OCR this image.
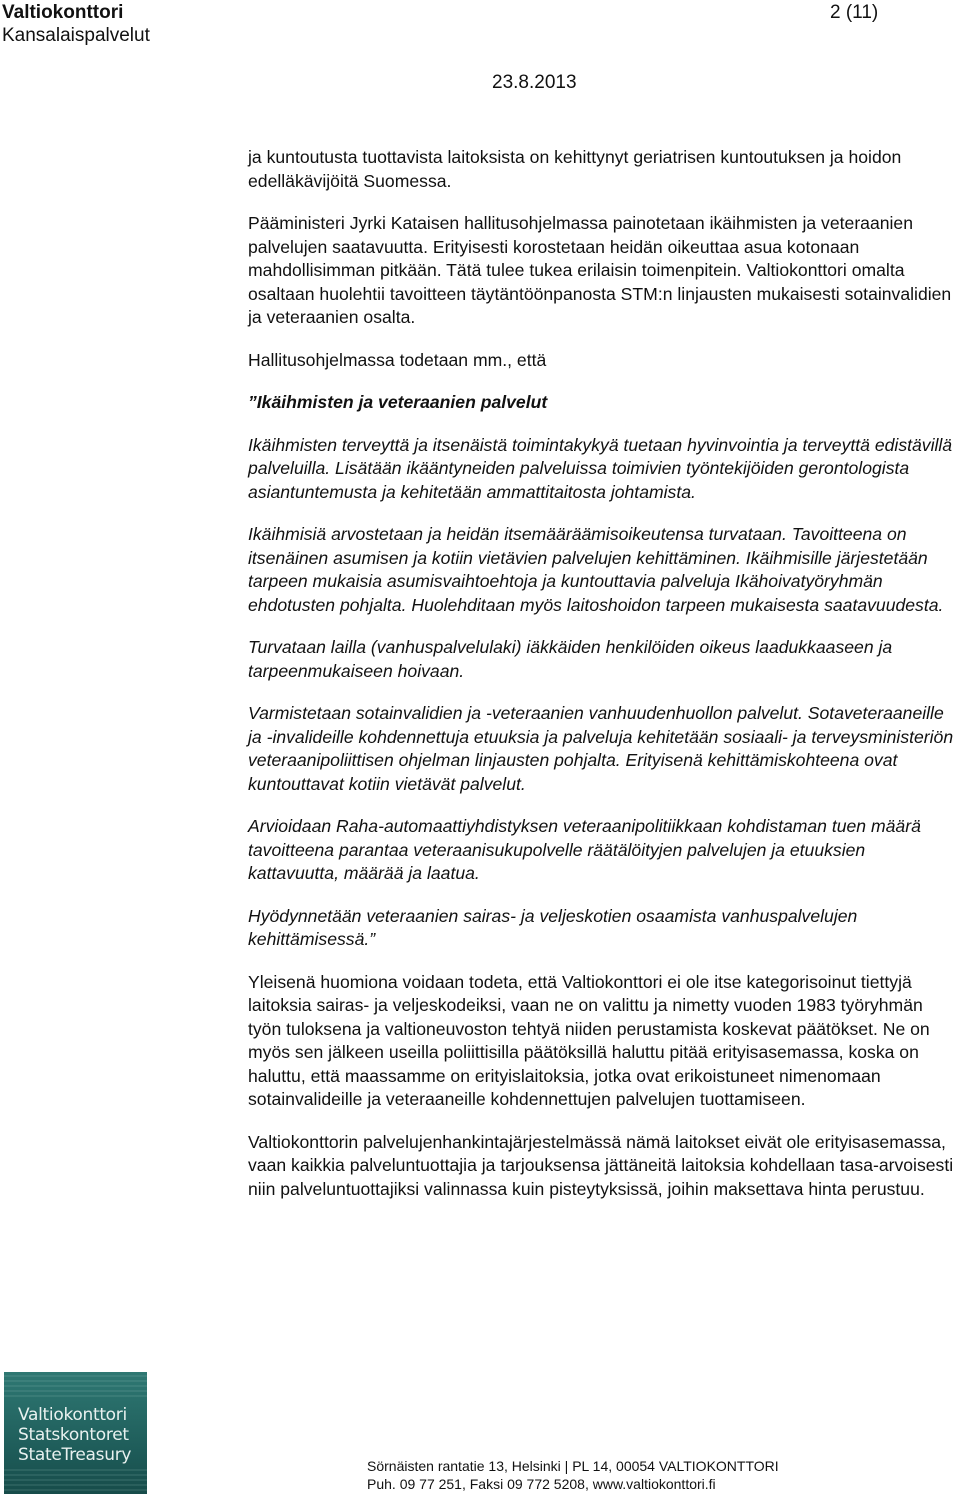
Valtiokonttori
Kansalaispalvelut
2 (11)
23.8.2013

ja kuntoutusta tuottavista laitoksista on kehittynyt geriatrisen kuntoutuksen ja hoidon edelläkävijöitä Suomessa.

Pääministeri Jyrki Kataisen hallitusohjelmassa painotetaan ikäihmisten ja veteraanien palvelujen saatavuutta. Erityisesti korostetaan heidän oikeuttaa asua kotonaan mahdollisimman pitkään. Tätä tulee tukea erilaisin toimenpitein. Valtiokonttori omalta osaltaan huolehtii tavoitteen täytäntöönpanosta STM:n linjausten mukaisesti sotainvalidien ja veteraanien osalta.

Hallitusohjelmassa todetaan mm., että

”Ikäihmisten ja veteraanien palvelut

Ikäihmisten terveyttä ja itsenäistä toimintakykyä tuetaan hyvinvointia ja terveyttä edistävillä palveluilla. Lisätään ikääntyneiden palveluissa toimivien työntekijöiden gerontologista asiantuntemusta ja kehitetään ammattitaitosta johtamista.

Ikäihmisiä arvostetaan ja heidän itsemääräämisoikeutensa turvataan. Tavoitteena on itsenäinen asumisen ja kotiin vietävien palvelujen kehittäminen. Ikäihmisille järjestetään tarpeen mukaisia asumisvaihtoehtoja ja kuntouttavia palveluja Ikähoivatyöryhmän ehdotusten pohjalta. Huolehditaan myös laitoshoidon tarpeen mukaisesta saatavuudesta.

Turvataan lailla (vanhuspalvelulaki) iäkkäiden henkilöiden oikeus laadukkaaseen ja tarpeenmukaiseen hoivaan.

Varmistetaan sotainvalidien ja -veteraanien vanhuudenhuollon palvelut. Sotaveteraaneille ja -invalideille kohdennettuja etuuksia ja palveluja kehitetään sosiaali- ja terveysministeriön veteraanipoliittisen ohjelman linjausten pohjalta. Erityisenä kehittämiskohteena ovat kuntouttavat kotiin vietävät palvelut.

Arvioidaan Raha-automaattiyhdistyksen veteraanipolitiikkaan kohdistaman tuen määrä tavoitteena parantaa veteraanisukupolvelle räätälöityjen palvelujen ja etuuksien kattavuutta, määrää ja laatua.

Hyödynnetään veteraanien sairas- ja veljeskotien osaamista vanhuspalvelujen kehittämisessä.”

Yleisenä huomiona voidaan todeta, että Valtiokonttori ei ole itse kategorisoinut tiettyjä laitoksia sairas- ja veljeskodeiksi, vaan ne on valittu ja nimetty vuoden 1983 työryhmän työn tuloksena ja valtioneuvoston tehtyä niiden perustamista koskevat päätökset. Ne on myös sen jälkeen useilla poliittisilla päätöksillä haluttu pitää erityisasemassa, koska on haluttu, että maassamme on erityislaitoksia, jotka ovat erikoistuneet nimenomaan sotainvalideille ja veteraaneille kohdennettujen palvelujen tuottamiseen.

Valtiokonttorin palvelujenhankintajärjestelmässä nämä laitokset eivät ole erityisasemassa, vaan kaikkia palveluntuottajia ja tarjouksensa jättäneitä laitoksia kohdellaan tasa-arvoisesti niin palveluntuottajiksi valinnassa kuin pisteytyksissä, joihin maksettava hinta perustuu.

Valtiokonttori
Statskontoret
StateTreasury
Sörnäisten rantatie 13, Helsinki | PL 14, 00054 VALTIOKONTTORI
Puh. 09 77 251, Faksi 09 772 5208, www.valtiokonttori.fi
